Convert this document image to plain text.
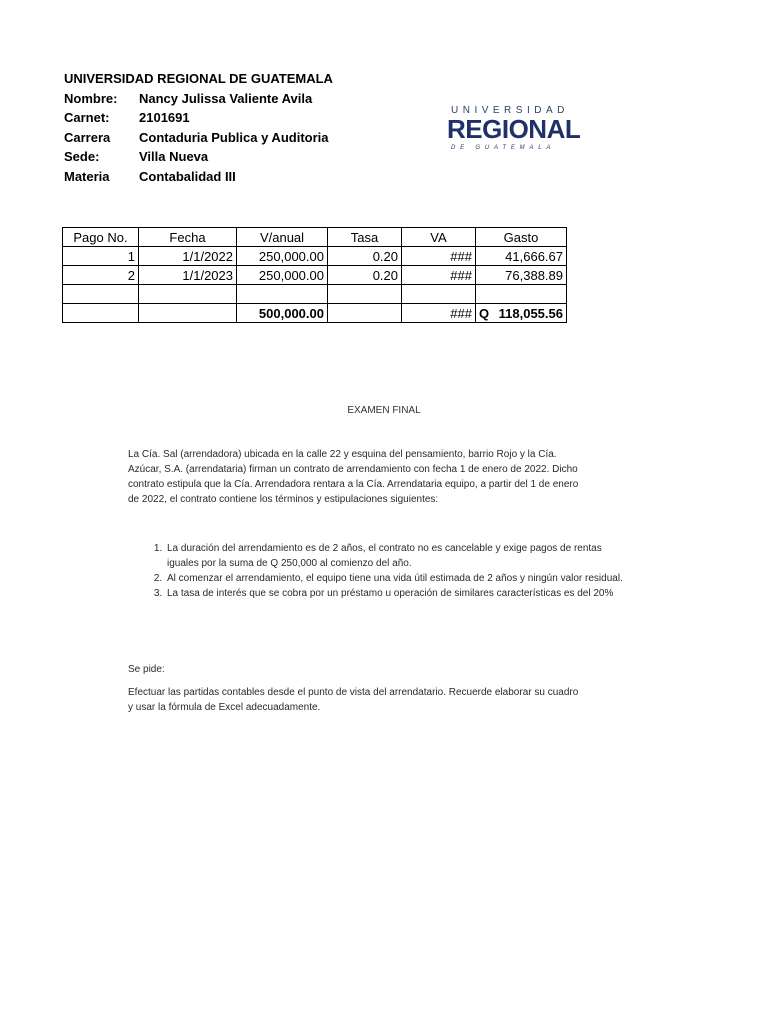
UNIVERSIDAD REGIONAL DE GUATEMALA
Nombre: Nancy Julissa Valiente Avila
Carnet: 2101691
Carrera Contaduria Publica y Auditoria
Sede:	Villa Nueva
Materia Contabalidad III
UNIVERSIDAD
REGIONAL
DE GUATEMALA
Pago No.	Fecha	V/anual	Tasa	VA	Gasto
1	1/1/2022	250,000.00	0.20	###	41,666.67
2	1/1/2023	250,000.00	0.20	###	76,388.89

		500,000.00		###	Q 118,055.56
EXAMEN FINAL
La Cía. Sal (arrendadora) ubicada en la calle 22 y esquina del pensamiento, barrio Rojo y la Cía. Azúcar, S.A. (arrendataria) firman un contrato de arrendamiento con fecha 1 de enero de 2022. Dicho contrato estipula que la Cía. Arrendadora rentara a la Cía. Arrendataria equipo, a partir del 1 de enero de 2022, el contrato contiene los términos y estipulaciones siguientes:
1. La duración del arrendamiento es de 2 años, el contrato no es cancelable y exige pagos de rentas iguales por la suma de Q 250,000 al comienzo del año.
2. Al comenzar el arrendamiento, el equipo tiene una vida útil estimada de 2 años y ningún valor residual.
3. La tasa de interés que se cobra por un préstamo u operación de similares características es del 20%
Se pide:
Efectuar las partidas contables desde el punto de vista del arrendatario. Recuerde elaborar su cuadro y usar la fórmula de Excel adecuadamente.
